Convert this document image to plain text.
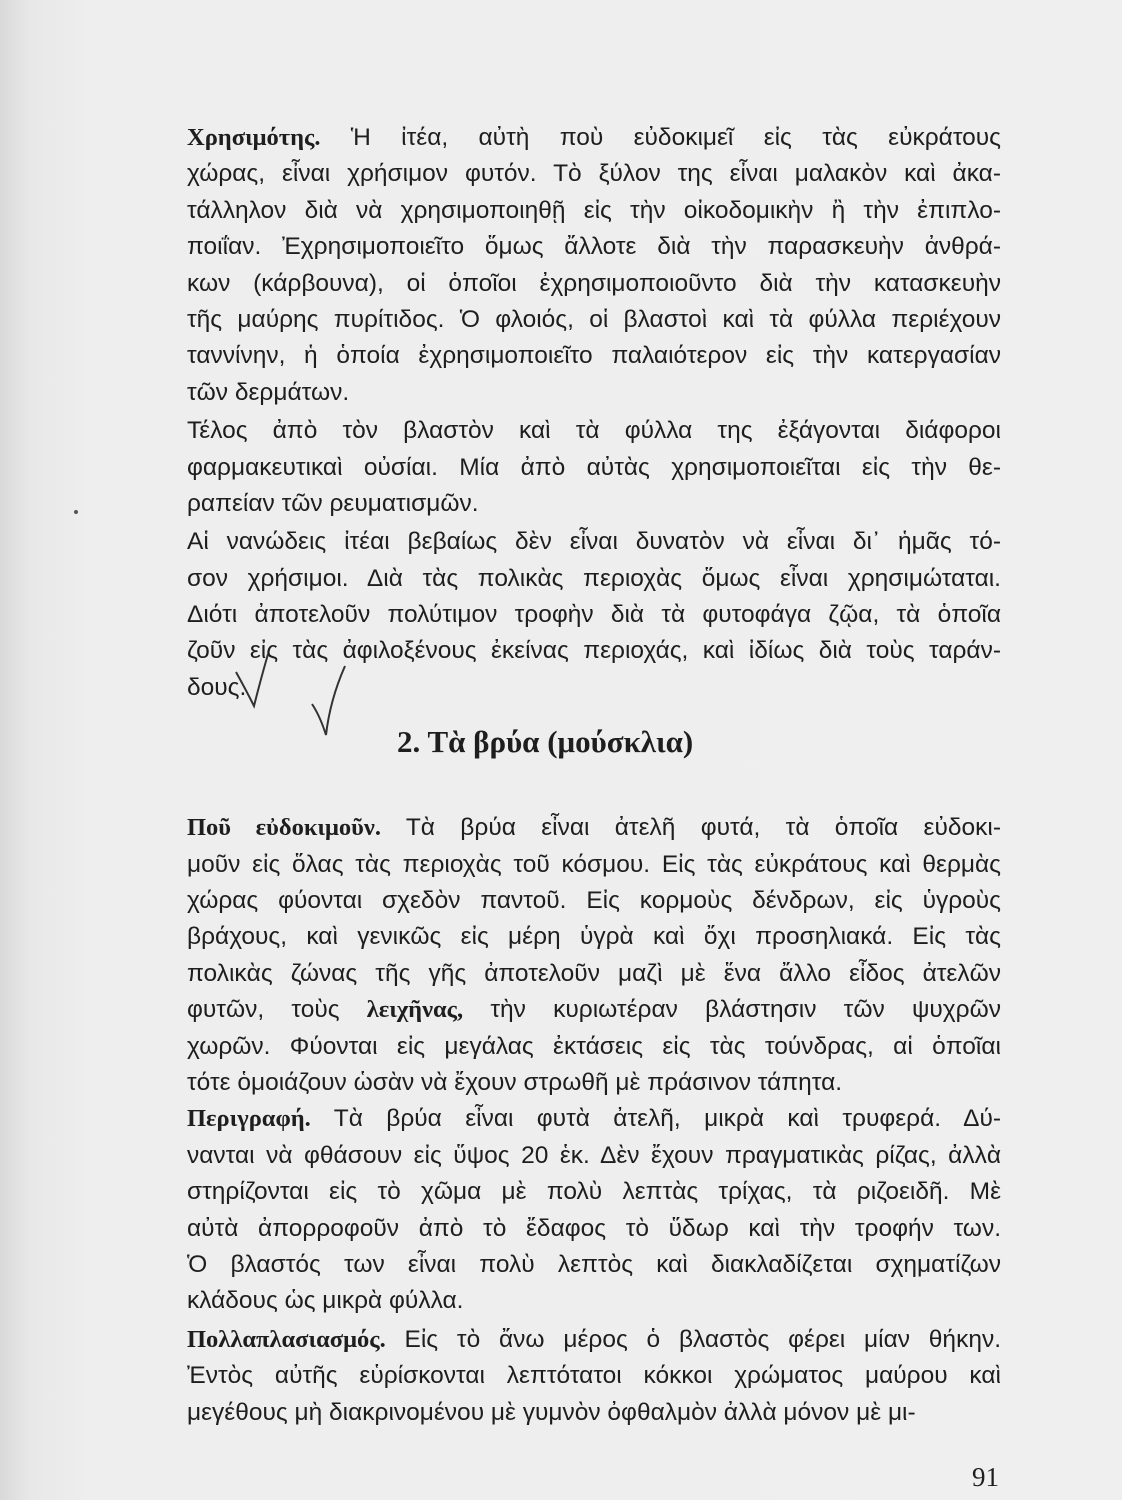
Χρησιμότης. Ἡ ἰτέα, αὐτὴ ποὺ εὐδοκιμεῖ εἰς τὰς εὐκράτους
χώρας, εἶναι χρήσιμον φυτόν. Τὸ ξύλον της εἶναι μαλακὸν καὶ ἀκα-
τάλληλον διὰ νὰ χρησιμοποιηθῇ εἰς τὴν οἰκοδομικὴν ἢ τὴν ἐπιπλο-
ποιΐαν. Ἐχρησιμοποιεῖτο ὅμως ἄλλοτε διὰ τὴν παρασκευὴν ἀνθρά-
κων (κάρβουνα), οἱ ὁποῖοι ἐχρησιμοποιοῦντο διὰ τὴν κατασκευὴν
τῆς μαύρης πυρίτιδος. Ὁ φλοιός, οἱ βλαστοὶ καὶ τὰ φύλλα περιέχουν
ταννίνην, ἡ ὁποία ἐχρησιμοποιεῖτο παλαιότερον εἰς τὴν κατεργασίαν
τῶν δερμάτων.
Τέλος ἀπὸ τὸν βλαστὸν καὶ τὰ φύλλα της ἐξάγονται διάφοροι
φαρμακευτικαὶ οὐσίαι. Μία ἀπὸ αὐτὰς χρησιμοποιεῖται εἰς τὴν θε-
ραπείαν τῶν ρευματισμῶν.
Αἱ νανώδεις ἰτέαι βεβαίως δὲν εἶναι δυνατὸν νὰ εἶναι δι᾽ ἡμᾶς τό-
σον χρήσιμοι. Διὰ τὰς πολικὰς περιοχὰς ὅμως εἶναι χρησιμώταται.
Διότι ἀποτελοῦν πολύτιμον τροφὴν διὰ τὰ φυτοφάγα ζῷα, τὰ ὁποῖα
ζοῦν εἰς τὰς ἀφιλοξένους ἐκείνας περιοχάς, καὶ ἰδίως διὰ τοὺς ταράν-
δους.
2. Τὰ βρύα (μούσκλια)
Ποῦ εὐδοκιμοῦν. Τὰ βρύα εἶναι ἀτελῆ φυτά, τὰ ὁποῖα εὐδοκι-
μοῦν εἰς ὅλας τὰς περιοχὰς τοῦ κόσμου. Εἰς τὰς εὐκράτους καὶ θερμὰς
χώρας φύονται σχεδὸν παντοῦ. Εἰς κορμοὺς δένδρων, εἰς ὑγροὺς
βράχους, καὶ γενικῶς εἰς μέρη ὑγρὰ καὶ ὄχι προσηλιακά. Εἰς τὰς
πολικὰς ζώνας τῆς γῆς ἀποτελοῦν μαζὶ μὲ ἕνα ἄλλο εἶδος ἀτελῶν
φυτῶν, τοὺς λειχῆνας, τὴν κυριωτέραν βλάστησιν τῶν ψυχρῶν
χωρῶν. Φύονται εἰς μεγάλας ἐκτάσεις εἰς τὰς τούνδρας, αἱ ὁποῖαι
τότε ὁμοιάζουν ὡσὰν νὰ ἔχουν στρωθῆ μὲ πράσινον τάπητα.
Περιγραφή. Τὰ βρύα εἶναι φυτὰ ἀτελῆ, μικρὰ καὶ τρυφερά. Δύ-
νανται νὰ φθάσουν εἰς ὕψος 20 ἑκ. Δὲν ἔχουν πραγματικὰς ρίζας, ἀλλὰ
στηρίζονται εἰς τὸ χῶμα μὲ πολὺ λεπτὰς τρίχας, τὰ ριζοειδῆ. Μὲ
αὐτὰ ἀπορροφοῦν ἀπὸ τὸ ἔδαφος τὸ ὕδωρ καὶ τὴν τροφήν των.
Ὁ βλαστός των εἶναι πολὺ λεπτὸς καὶ διακλαδίζεται σχηματίζων
κλάδους ὡς μικρὰ φύλλα.
Πολλαπλασιασμός. Εἰς τὸ ἄνω μέρος ὁ βλαστὸς φέρει μίαν θήκην.
Ἐντὸς αὐτῆς εὑρίσκονται λεπτότατοι κόκκοι χρώματος μαύρου καὶ
μεγέθους μὴ διακρινομένου μὲ γυμνὸν ὀφθαλμὸν ἀλλὰ μόνον μὲ μι-
91
